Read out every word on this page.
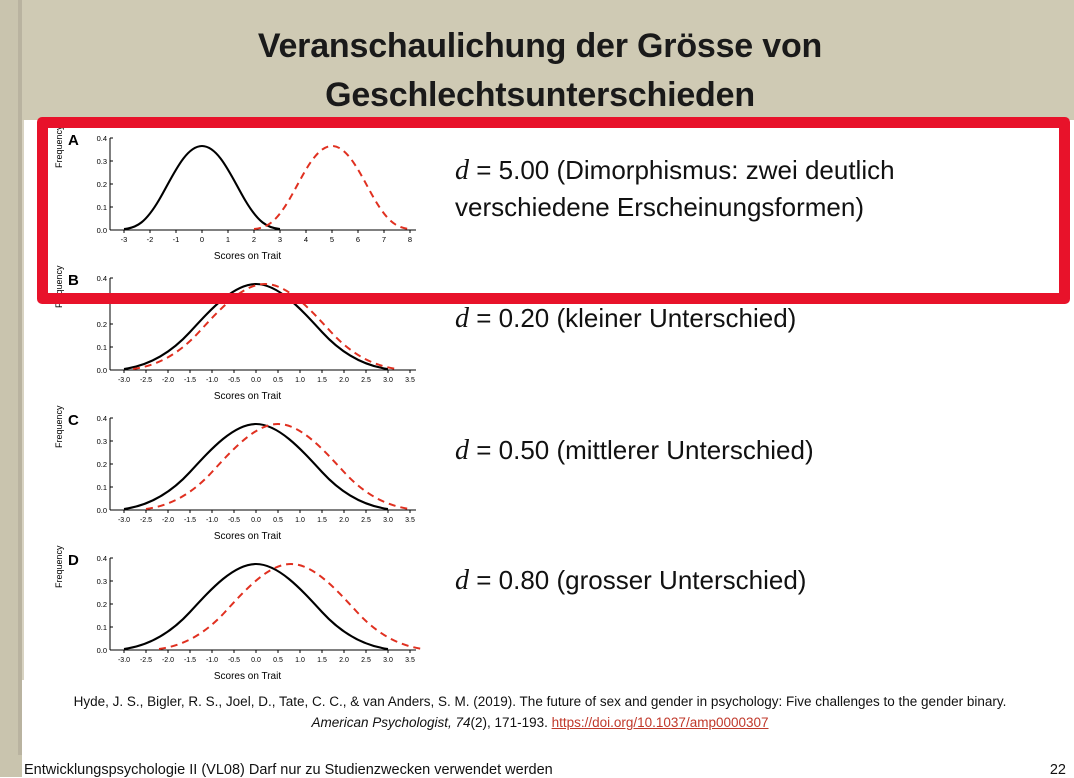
Veranschaulichung der Grösse von
Geschlechtsunterschieden
A
Frequency	0.4
0.3
0.2
0.1
0.0
-3	-2	-1	0	1	2	3	4	5	6	7	8
Scores on Trait
B
Frequency	0.4
0.3
0.2
0.1
0.0
-3.0 -2.5 -2.0 -1.5 -1.0 -0.5 0.0 0.5 1.0 1.5 2.0 2.5 3.0 3.5
Scores on Trait
C
Frequency	0.4
0.3
0.2
0.1
0.0
-3.0 -2.5 -2.0 -1.5 -1.0 -0.5 0.0 0.5 1.0 1.5 2.0 2.5 3.0 3.5
Scores on Trait
D
Frequency	0.4
0.3
0.2
0.1
0.0
-3.0 -2.5 -2.0 -1.5 -1.0 -0.5 0.0 0.5 1.0 1.5 2.0 2.5 3.0 3.5
Scores on Trait
d = 5.00 (Dimorphismus: zwei deutlich verschiedene Erscheinungsformen)
d = 0.20 (kleiner Unterschied)
d = 0.50 (mittlerer Unterschied)
d = 0.80 (grosser Unterschied)
Hyde, J. S., Bigler, R. S., Joel, D., Tate, C. C., & van Anders, S. M. (2019). The future of sex and gender in psychology: Five challenges to the gender binary. American Psychologist, 74(2), 171-193. https://doi.org/10.1037/amp0000307
Entwicklungspsychologie II (VL08) Darf nur zu Studienzwecken verwendet werden	22
